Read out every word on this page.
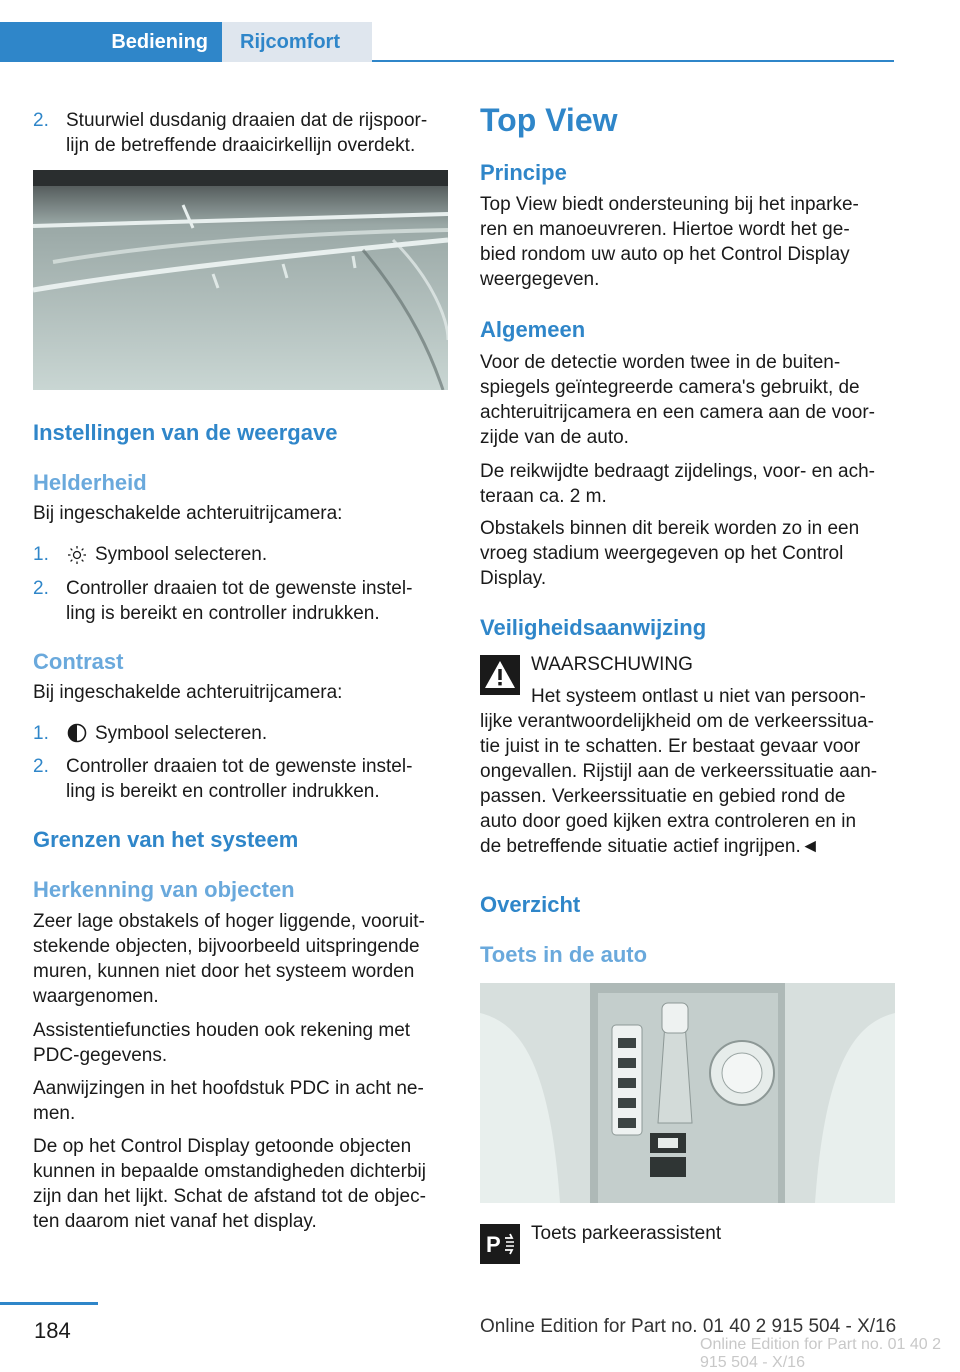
Bediening	Rijcomfort
2. Stuurwiel dusdanig draaien dat de rijspoor-
lijn de betreffende draaicirkellijn overdekt.
Instellingen van de weergave
Helderheid

Bij ingeschakelde achteruitrijcamera:

1. Symbool selecteren.
2. Controller draaien tot de gewenste instel-
ling is bereikt en controller indrukken.
Contrast

Bij ingeschakelde achteruitrijcamera:

1. Symbool selecteren.
2. Controller draaien tot de gewenste instel-
ling is bereikt en controller indrukken.
Grenzen van het systeem
Herkenning van objecten

Zeer lage obstakels of hoger liggende, vooruit-

stekende objecten, bijvoorbeeld uitspringende

muren, kunnen niet door het systeem worden

waargenomen.

Assistentiefuncties houden ook rekening met

PDC-gegevens.

Aanwijzingen in het hoofdstuk PDC in acht ne-

men.

De op het Control Display getoonde objecten

kunnen in bepaalde omstandigheden dichterbij

zijn dan het lijkt. Schat de afstand tot de objec-

ten daarom niet vanaf het display.

Top View
Principe

Top View biedt ondersteuning bij het inparke-

ren en manoeuvreren. Hiertoe wordt het ge-

bied rondom uw auto op het Control Display

weergegeven.

Algemeen

Voor de detectie worden twee in de buiten-

spiegels geïntegreerde camera's gebruikt, de

achteruitrijcamera en een camera aan de voor-

zijde van de auto.

De reikwijdte bedraagt zijdelings, voor- en ach-

teraan ca. 2 m.

Obstakels binnen dit bereik worden zo in een

vroeg stadium weergegeven op het Control

Display.

Veiligheidsaanwijzing
WAARSCHUWING
Het systeem ontlast u niet van persoon-

lijke verantwoordelijkheid om de verkeerssitua-

tie juist in te schatten. Er bestaat gevaar voor

ongevallen. Rijstijl aan de verkeerssituatie aan-

passen. Verkeerssituatie en gebied rond de

auto door goed kijken extra controleren en in

de betreffende situatie actief ingrijpen.◄

Overzicht
Toets in de auto
P Toets parkeerassistent
184	Online Edition for Part no. 01 40 2 915 504 - X/16
Online Edition for Part no. 01 40 2 915 504 - X/16
